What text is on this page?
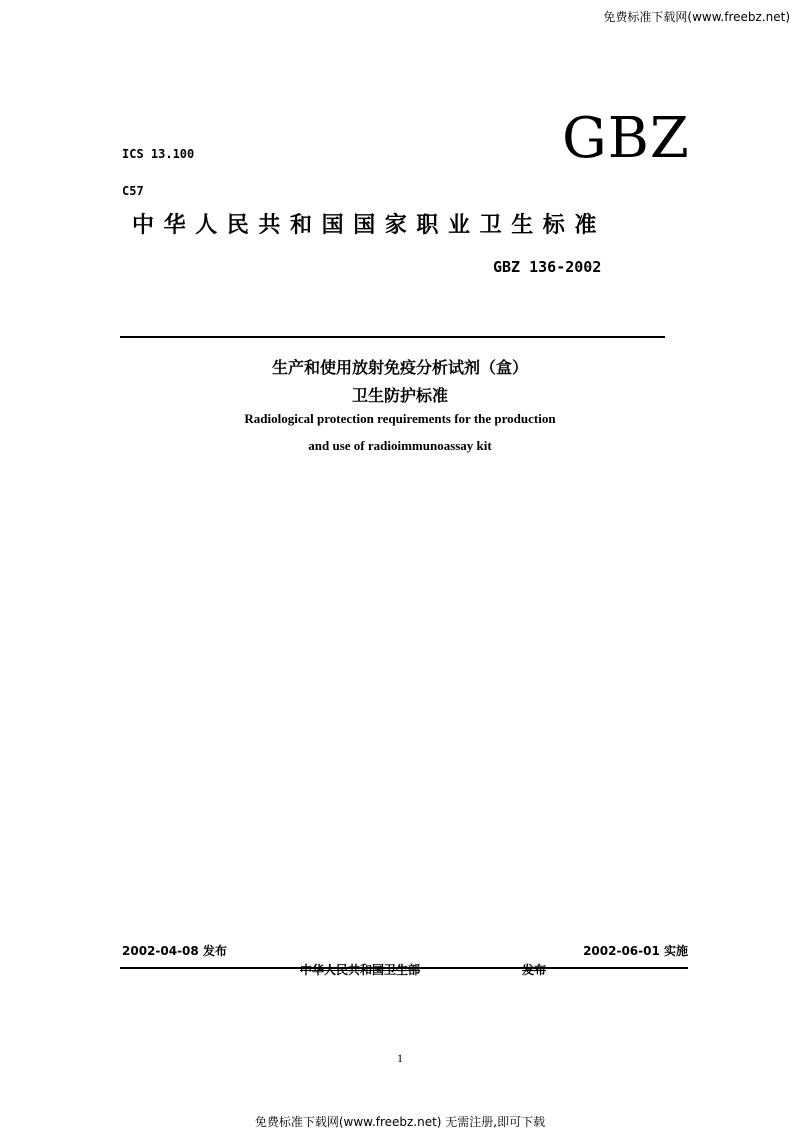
免费标准下载网(www.freebz.net)
ICS 13.100	GBZ
C57
中华人民共和国国家职业卫生标准
GBZ 136-2002
生产和使用放射免疫分析试剂（盒）
卫生防护标准
Radiological protection requirements for the production
and use of radioimmunoassay kit
2002-04-08 发布	2002-06-01 实施
中华人民共和国卫生部	发布
1
免费标准下载网(www.freebz.net) 无需注册,即可下载
